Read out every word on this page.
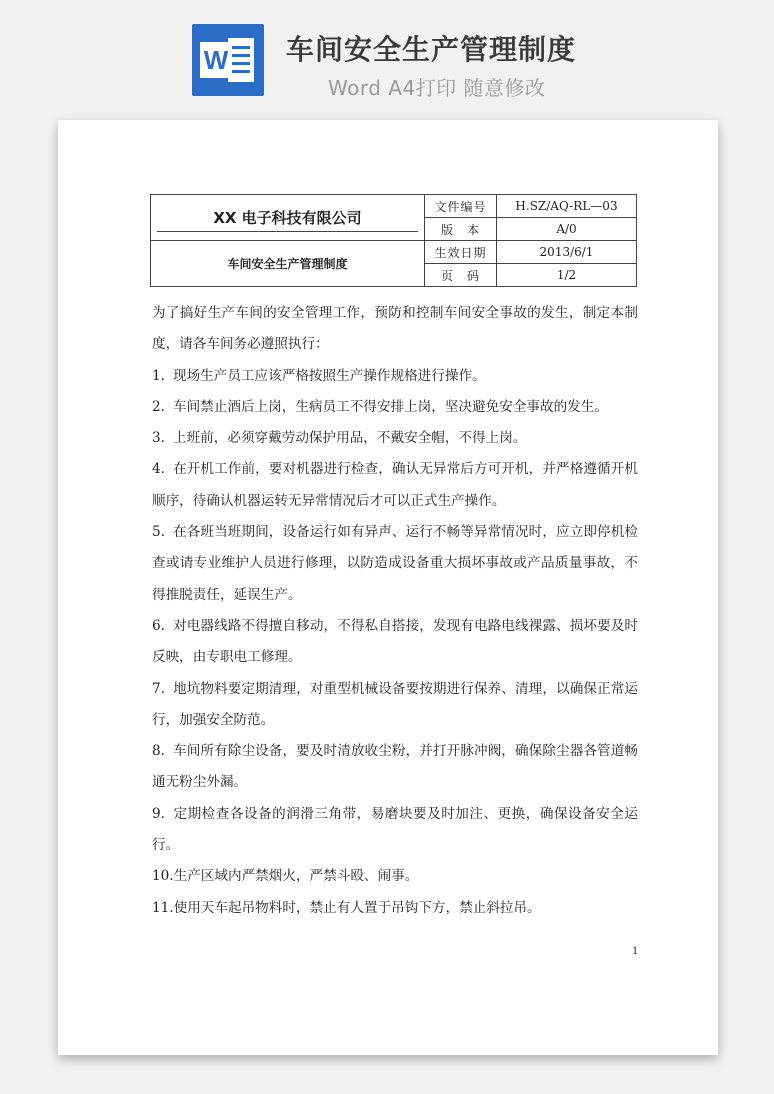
W 车间安全生产管理制度
Word A4打印 随意修改
XX 电子科技有限公司	文件编号	H.SZ/AQ-RL—03
	版　本	A/0
车间安全生产管理制度	生效日期	2013/6/1
	页　码	1/2

为了搞好生产车间的安全管理工作，预防和控制车间安全事故的发生，制定本制度，请各车间务必遵照执行：

1. 现场生产员工应该严格按照生产操作规格进行操作。

2. 车间禁止酒后上岗，生病员工不得安排上岗，坚决避免安全事故的发生。

3. 上班前，必须穿戴劳动保护用品，不戴安全帽，不得上岗。

4. 在开机工作前，要对机器进行检查，确认无异常后方可开机，并严格遵循开机顺序，待确认机器运转无异常情况后才可以正式生产操作。

5. 在各班当班期间，设备运行如有异声、运行不畅等异常情况时，应立即停机检查或请专业维护人员进行修理，以防造成设备重大损坏事故或产品质量事故，不得推脱责任，延误生产。

6. 对电器线路不得擅自移动，不得私自搭接，发现有电路电线裸露、损坏要及时反映，由专职电工修理。

7. 地坑物料要定期清理，对重型机械设备要按期进行保养、清理，以确保正常运行，加强安全防范。

8. 车间所有除尘设备，要及时清放收尘粉，并打开脉冲阀，确保除尘器各管道畅通无粉尘外漏。

9. 定期检查各设备的润滑三角带，易磨块要及时加注、更换，确保设备安全运行。

10.生产区域内严禁烟火，严禁斗殴、闹事。

11.使用天车起吊物料时，禁止有人置于吊钩下方，禁止斜拉吊。

1
